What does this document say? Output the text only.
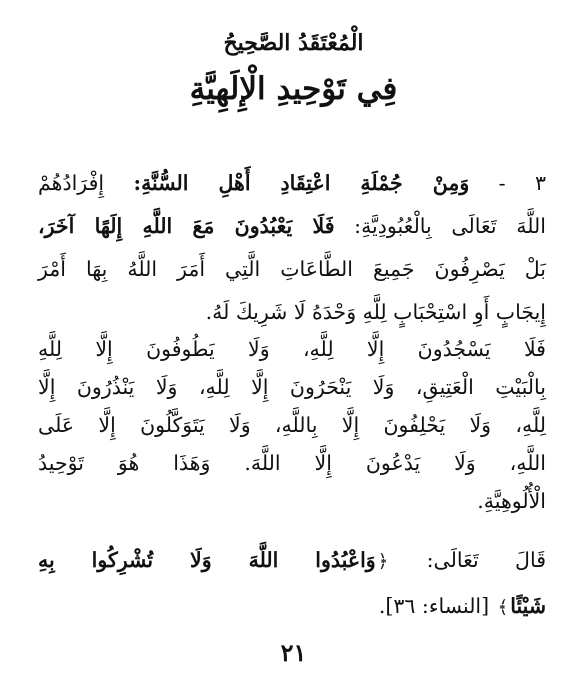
الْمُعْتَقَدُ الصَّحِيحُ
فِي تَوْحِيدِ الْإِلَهِيَّةِ
٣ - وَمِنْ جُمْلَةِ اعْتِقَادِ أَهْلِ السُّنَّةِ: إِفْرَادُهُمْ
اللَّهَ تَعَالَى بِالْعُبُودِيَّةِ: فَلَا يَعْبُدُونَ مَعَ اللَّهِ إِلَهًا آخَرَ،
بَلْ يَصْرِفُونَ جَمِيعَ الطَّاعَاتِ الَّتِي أَمَرَ اللَّهُ بِهَا أَمْرَ
إِيجَابٍ أَوِ اسْتِحْبَابٍ لِلَّهِ وَحْدَهُ لَا شَرِيكَ لَهُ.
فَلَا يَسْجُدُونَ إِلَّا لِلَّهِ، وَلَا يَطُوفُونَ إِلَّا لِلَّهِ
بِالْبَيْتِ الْعَتِيقِ، وَلَا يَنْحَرُونَ إِلَّا لِلَّهِ، وَلَا يَنْذُرُونَ إِلَّا
لِلَّهِ، وَلَا يَحْلِفُونَ إِلَّا بِاللَّهِ، وَلَا يَتَوَكَّلُونَ إِلَّا عَلَى
اللَّهِ، وَلَا يَدْعُونَ إِلَّا اللَّهَ. وَهَذَا هُوَ تَوْحِيدُ
الْأُلُوهِيَّةِ.
قَالَ تَعَالَى: ﴿وَاعْبُدُوا اللَّهَ وَلَا تُشْرِكُوا بِهِ
شَيْئًا﴾ [النساء: ٣٦].
٢١
